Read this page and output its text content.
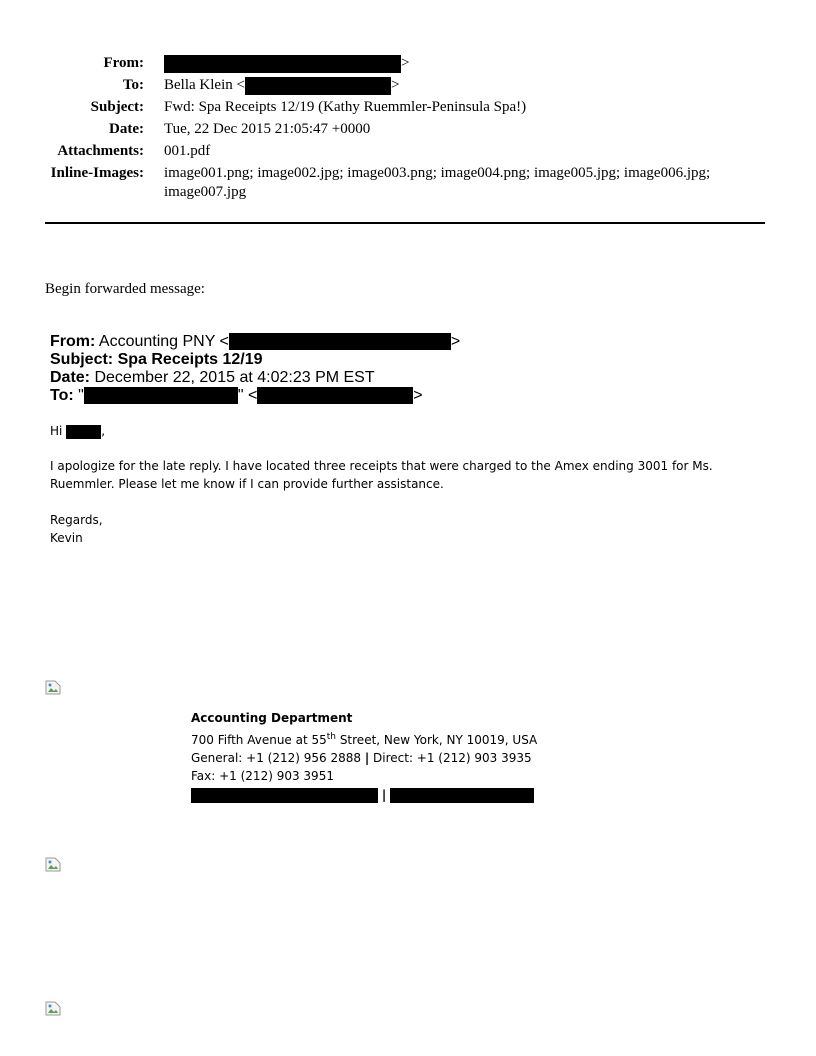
From:	>
To: Bella Klein <	>
Subject: Fwd: Spa Receipts 12/19 (Kathy Ruemmler-Peninsula Spa!)
Date: Tue, 22 Dec 2015 21:05:47 +0000
Attachments: 001.pdf
Inline-Images: image001.png; image002.jpg; image003.png; image004.png; image005.jpg; image006.jpg;
image007.jpg
Begin forwarded message:
From: Accounting PNY <	>
Subject: Spa Receipts 12/19
Date: December 22, 2015 at 4:02:23 PM EST
To: "	" <	>
Hi	,
I apologize for the late reply. I have located three receipts that were charged to the Amex ending 3001 for Ms.
Ruemmler. Please let me know if I can provide further assistance.
Regards,
Kevin
Accounting Department
700 Fifth Avenue at 55th Street, New York, NY 10019, USA
General: +1 (212) 956 2888 | Direct: +1 (212) 903 3935
Fax: +1 (212) 903 3951
|
